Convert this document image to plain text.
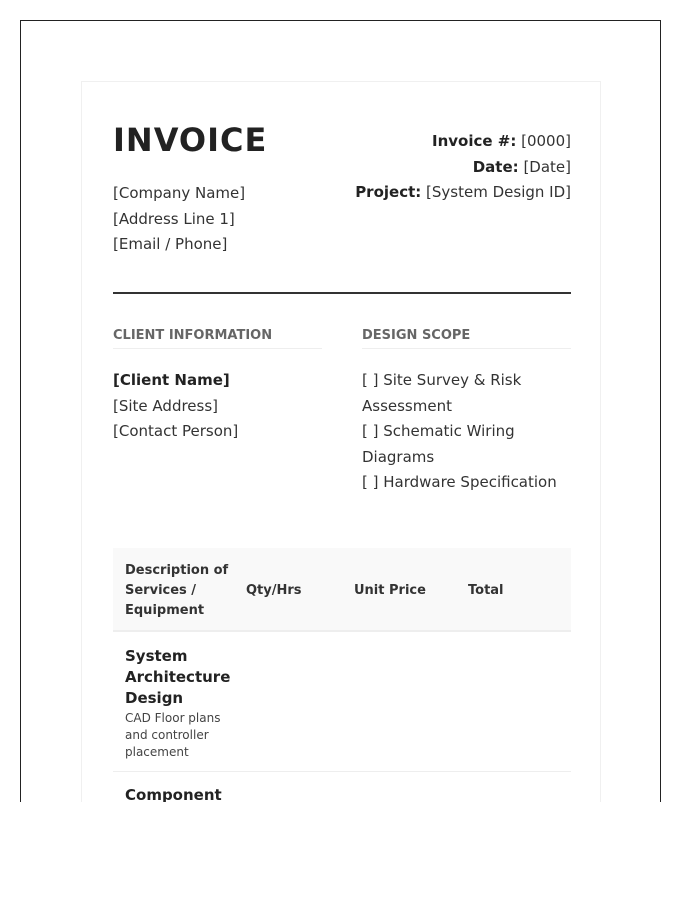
INVOICE
[Company Name]
[Address Line 1]
[Email / Phone]
Invoice #: [0000]
Date: [Date]
Project: [System Design ID]
CLIENT INFORMATION
[Client Name]
[Site Address]
[Contact Person]
DESIGN SCOPE
[ ] Site Survey & Risk Assessment
[ ] Schematic Wiring Diagrams
[ ] Hardware Specification
Description of Services / Equipment
Qty/Hrs	Unit Price	Total
System Architecture Design
CAD Floor plans and controller placement
Component
